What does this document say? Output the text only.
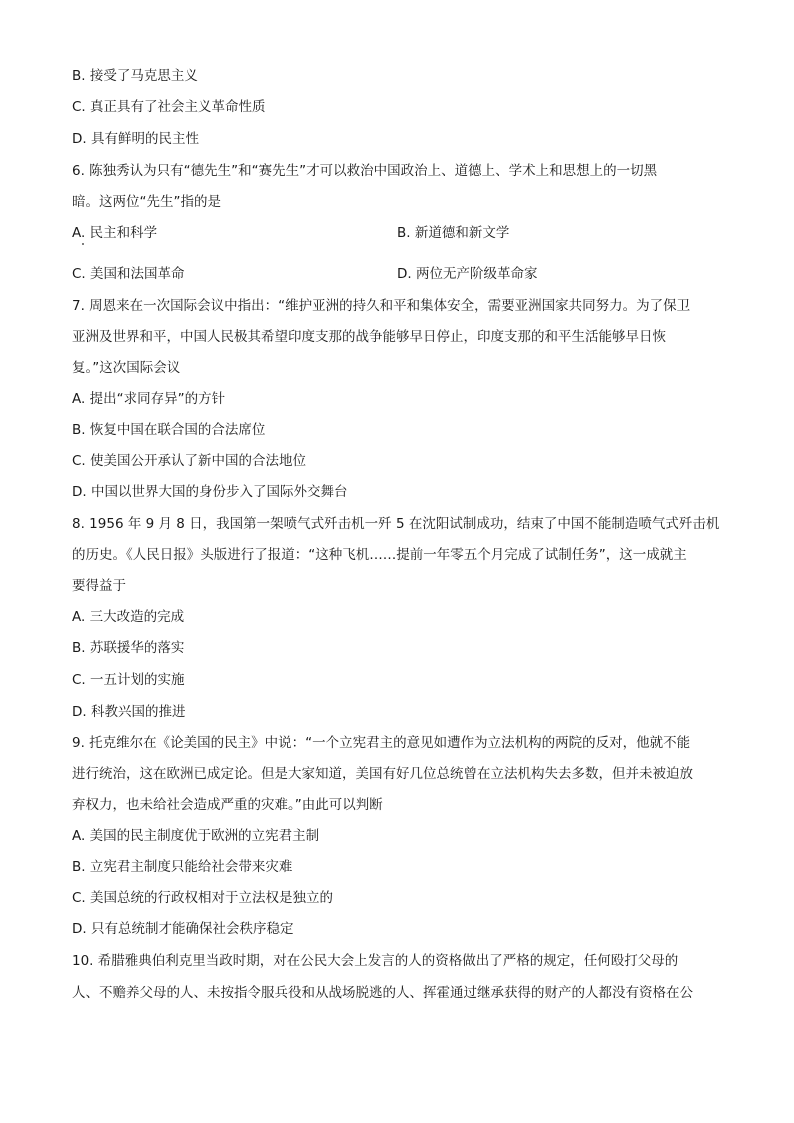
B. 接受了马克思主义

C. 真正具有了社会主义革命性质

D. 具有鲜明的民主性

6. 陈独秀认为只有“德先生”和“赛先生”才可以救治中国政治上、道德上、学术上和思想上的一切黑

暗。这两位“先生”指的是

A. 民主和科学	B. 新道德和新文学

C. 美国和法国革命	D. 两位无产阶级革命家

7. 周恩来在一次国际会议中指出：“维护亚洲的持久和平和集体安全，需要亚洲国家共同努力。为了保卫

亚洲及世界和平，中国人民极其希望印度支那的战争能够早日停止，印度支那的和平生活能够早日恢

复。”这次国际会议

A. 提出“求同存异”的方针

B. 恢复中国在联合国的合法席位

C. 使美国公开承认了新中国的合法地位

D. 中国以世界大国的身份步入了国际外交舞台

8. 1956 年 9 月 8 日，我国第一架喷气式歼击机一歼 5 在沈阳试制成功，结束了中国不能制造喷气式歼击机

的历史。《人民日报》头版进行了报道：“这种飞机……提前一年零五个月完成了试制任务”，这一成就主

要得益于

A. 三大改造的完成

B. 苏联援华的落实

C. 一五计划的实施

D. 科教兴国的推进

9. 托克维尔在《论美国的民主》中说：“一个立宪君主的意见如遭作为立法机构的两院的反对，他就不能

进行统治，这在欧洲已成定论。但是大家知道，美国有好几位总统曾在立法机构失去多数，但并未被迫放

弃权力，也未给社会造成严重的灾难。”由此可以判断

A. 美国的民主制度优于欧洲的立宪君主制

B. 立宪君主制度只能给社会带来灾难

C. 美国总统的行政权相对于立法权是独立的

D. 只有总统制才能确保社会秩序稳定

10. 希腊雅典伯利克里当政时期，对在公民大会上发言的人的资格做出了严格的规定，任何殴打父母的

人、不赡养父母的人、未按指令服兵役和从战场脱逃的人、挥霍通过继承获得的财产的人都没有资格在公
